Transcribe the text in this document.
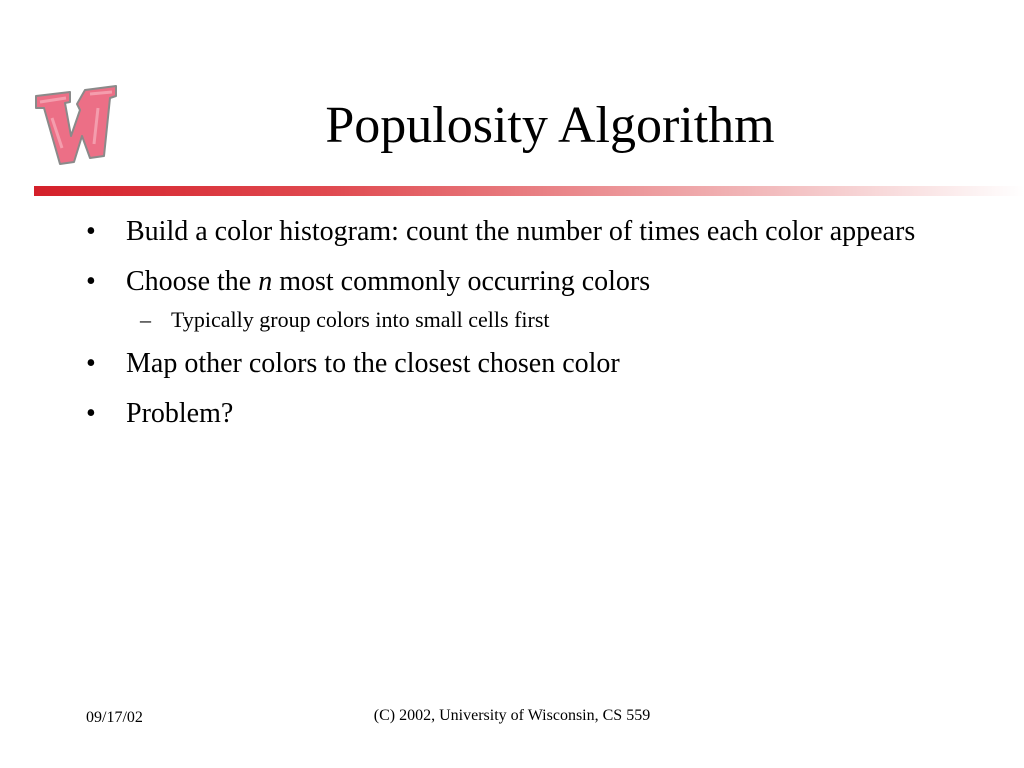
Populosity Algorithm
• Build a color histogram: count the number of times each color appears
• Choose the n most commonly occurring colors
– Typically group colors into small cells first
• Map other colors to the closest chosen color
• Problem?
09/17/02	(C) 2002, University of Wisconsin, CS 559
